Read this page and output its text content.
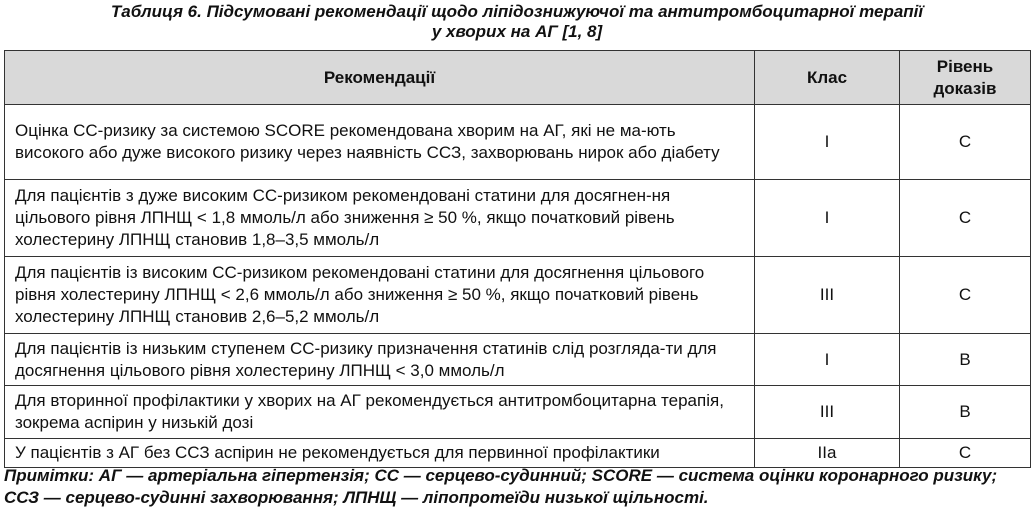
Таблиця 6. Підсумовані рекомендації щодо ліпідознижуючої та антитромбоцитарної терапії
у хворих на АГ [1, 8]
Рекомендації	Клас	Рівень доказів
Оцінка СС-ризику за системою SCORE рекомендована хворим на АГ, які не ма-ють високого або дуже високого ризику через наявність ССЗ, захворювань нирок або діабету	I	C
Для пацієнтів з дуже високим СС-ризиком рекомендовані статини для досягнен-ня цільового рівня ЛПНЩ < 1,8 ммоль/л або зниження ≥ 50 %, якщо початковий рівень холестерину ЛПНЩ становив 1,8–3,5 ммоль/л	I	C
Для пацієнтів із високим СС-ризиком рекомендовані статини для досягнення цільового рівня холестерину ЛПНЩ < 2,6 ммоль/л або зниження ≥ 50 %, якщо початковий рівень холестерину ЛПНЩ становив 2,6–5,2 ммоль/л	III	C
Для пацієнтів із низьким ступенем СС-ризику призначення статинів слід розгляда-ти для досягнення цільового рівня холестерину ЛПНЩ < 3,0 ммоль/л	I	B
Для вторинної профілактики у хворих на АГ рекомендується антитромбоцитарна терапія, зокрема аспірин у низькій дозі	III	B
У пацієнтів з АГ без ССЗ аспірин не рекомендується для первинної профілактики	IIa	C
Примітки: АГ — артеріальна гіпертензія; СС — серцево-судинний; SCORE — система оцінки коронарного ризику; ССЗ — серцево-судинні захворювання; ЛПНЩ — ліпопротеїди низької щільності.
